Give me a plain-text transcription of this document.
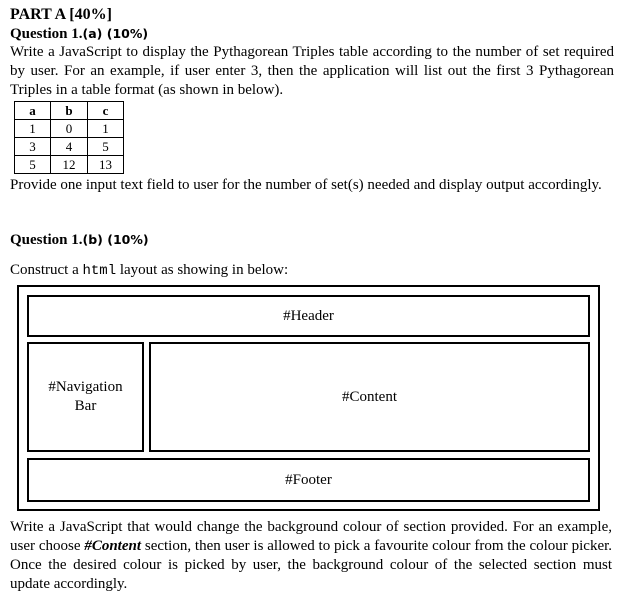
PART A [40%]
Question 1.(a) (10%)
Write a JavaScript to display the Pythagorean Triples table according to the number of set required by user. For an example, if user enter 3, then the application will list out the first 3 Pythagorean Triples in a table format (as shown in below).
a	b	c
1	0	1
3	4	5
5	12	13
Provide one input text field to user for the number of set(s) needed and display output accordingly.
Question 1.(b) (10%)
Construct a html layout as showing in below:
#Header
#Navigation Bar
#Content
#Footer
Write a JavaScript that would change the background colour of section provided. For an example, user choose #Content section, then user is allowed to pick a favourite colour from the colour picker. Once the desired colour is picked by user, the background colour of the selected section must update accordingly.
